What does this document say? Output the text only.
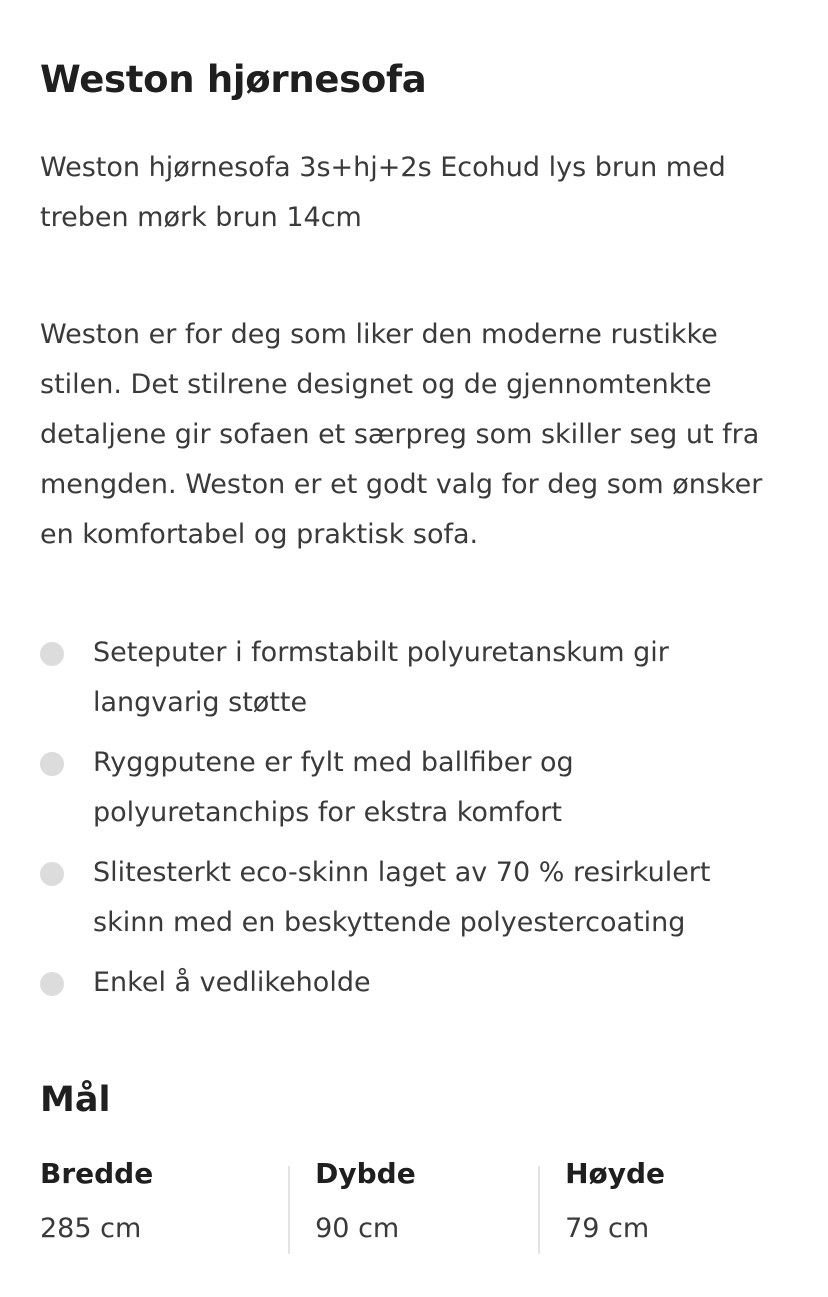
Weston hjørnesofa

Weston hjørnesofa 3s+hj+2s Ecohud lys brun med treben mørk brun 14cm

Weston er for deg som liker den moderne rustikke stilen. Det stilrene designet og de gjennomtenkte detaljene gir sofaen et særpreg som skiller seg ut fra mengden. Weston er et godt valg for deg som ønsker en komfortabel og praktisk sofa.

Seteputer i formstabilt polyuretanskum gir langvarig støtte
Ryggputene er fylt med ballfiber og polyuretanchips for ekstra komfort
Slitesterkt eco-skinn laget av 70 % resirkulert skinn med en beskyttende polyestercoating
Enkel å vedlikeholde
Mål
Bredde
285 cm
Dybde
90 cm
Høyde
79 cm
